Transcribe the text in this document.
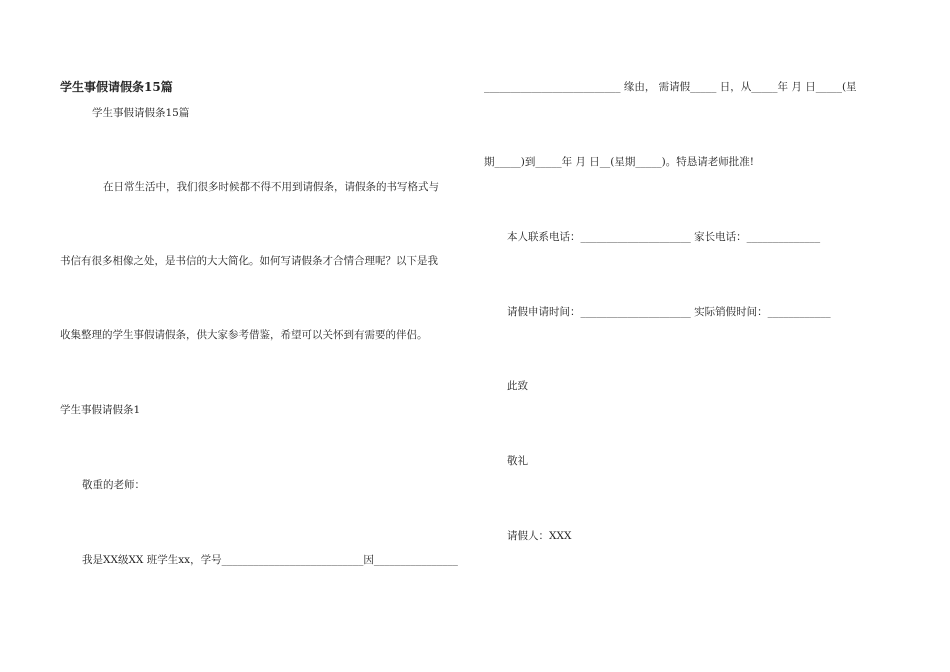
学生事假请假条15篇
学生事假请假条15篇
在日常生活中，我们很多时候都不得不用到请假条，请假条的书写格式与
书信有很多相像之处，是书信的大大简化。如何写请假条才合情合理呢？以下是我
收集整理的学生事假请假条，供大家参考借鉴，希望可以关怀到有需要的伴侣。
学生事假请假条1
敬重的老师：
我是XX级XX 班学生xx，学号___________________________因________________
__________________________ 缘由， 需请假_____ 日，从_____年 月 日_____(星
期_____)到_____年 月 日__(星期_____)。特恳请老师批准!
本人联系电话：_____________________ 家长电话：______________
请假申请时间：_____________________ 实际销假时间：____________
此致
敬礼
请假人：XXX
